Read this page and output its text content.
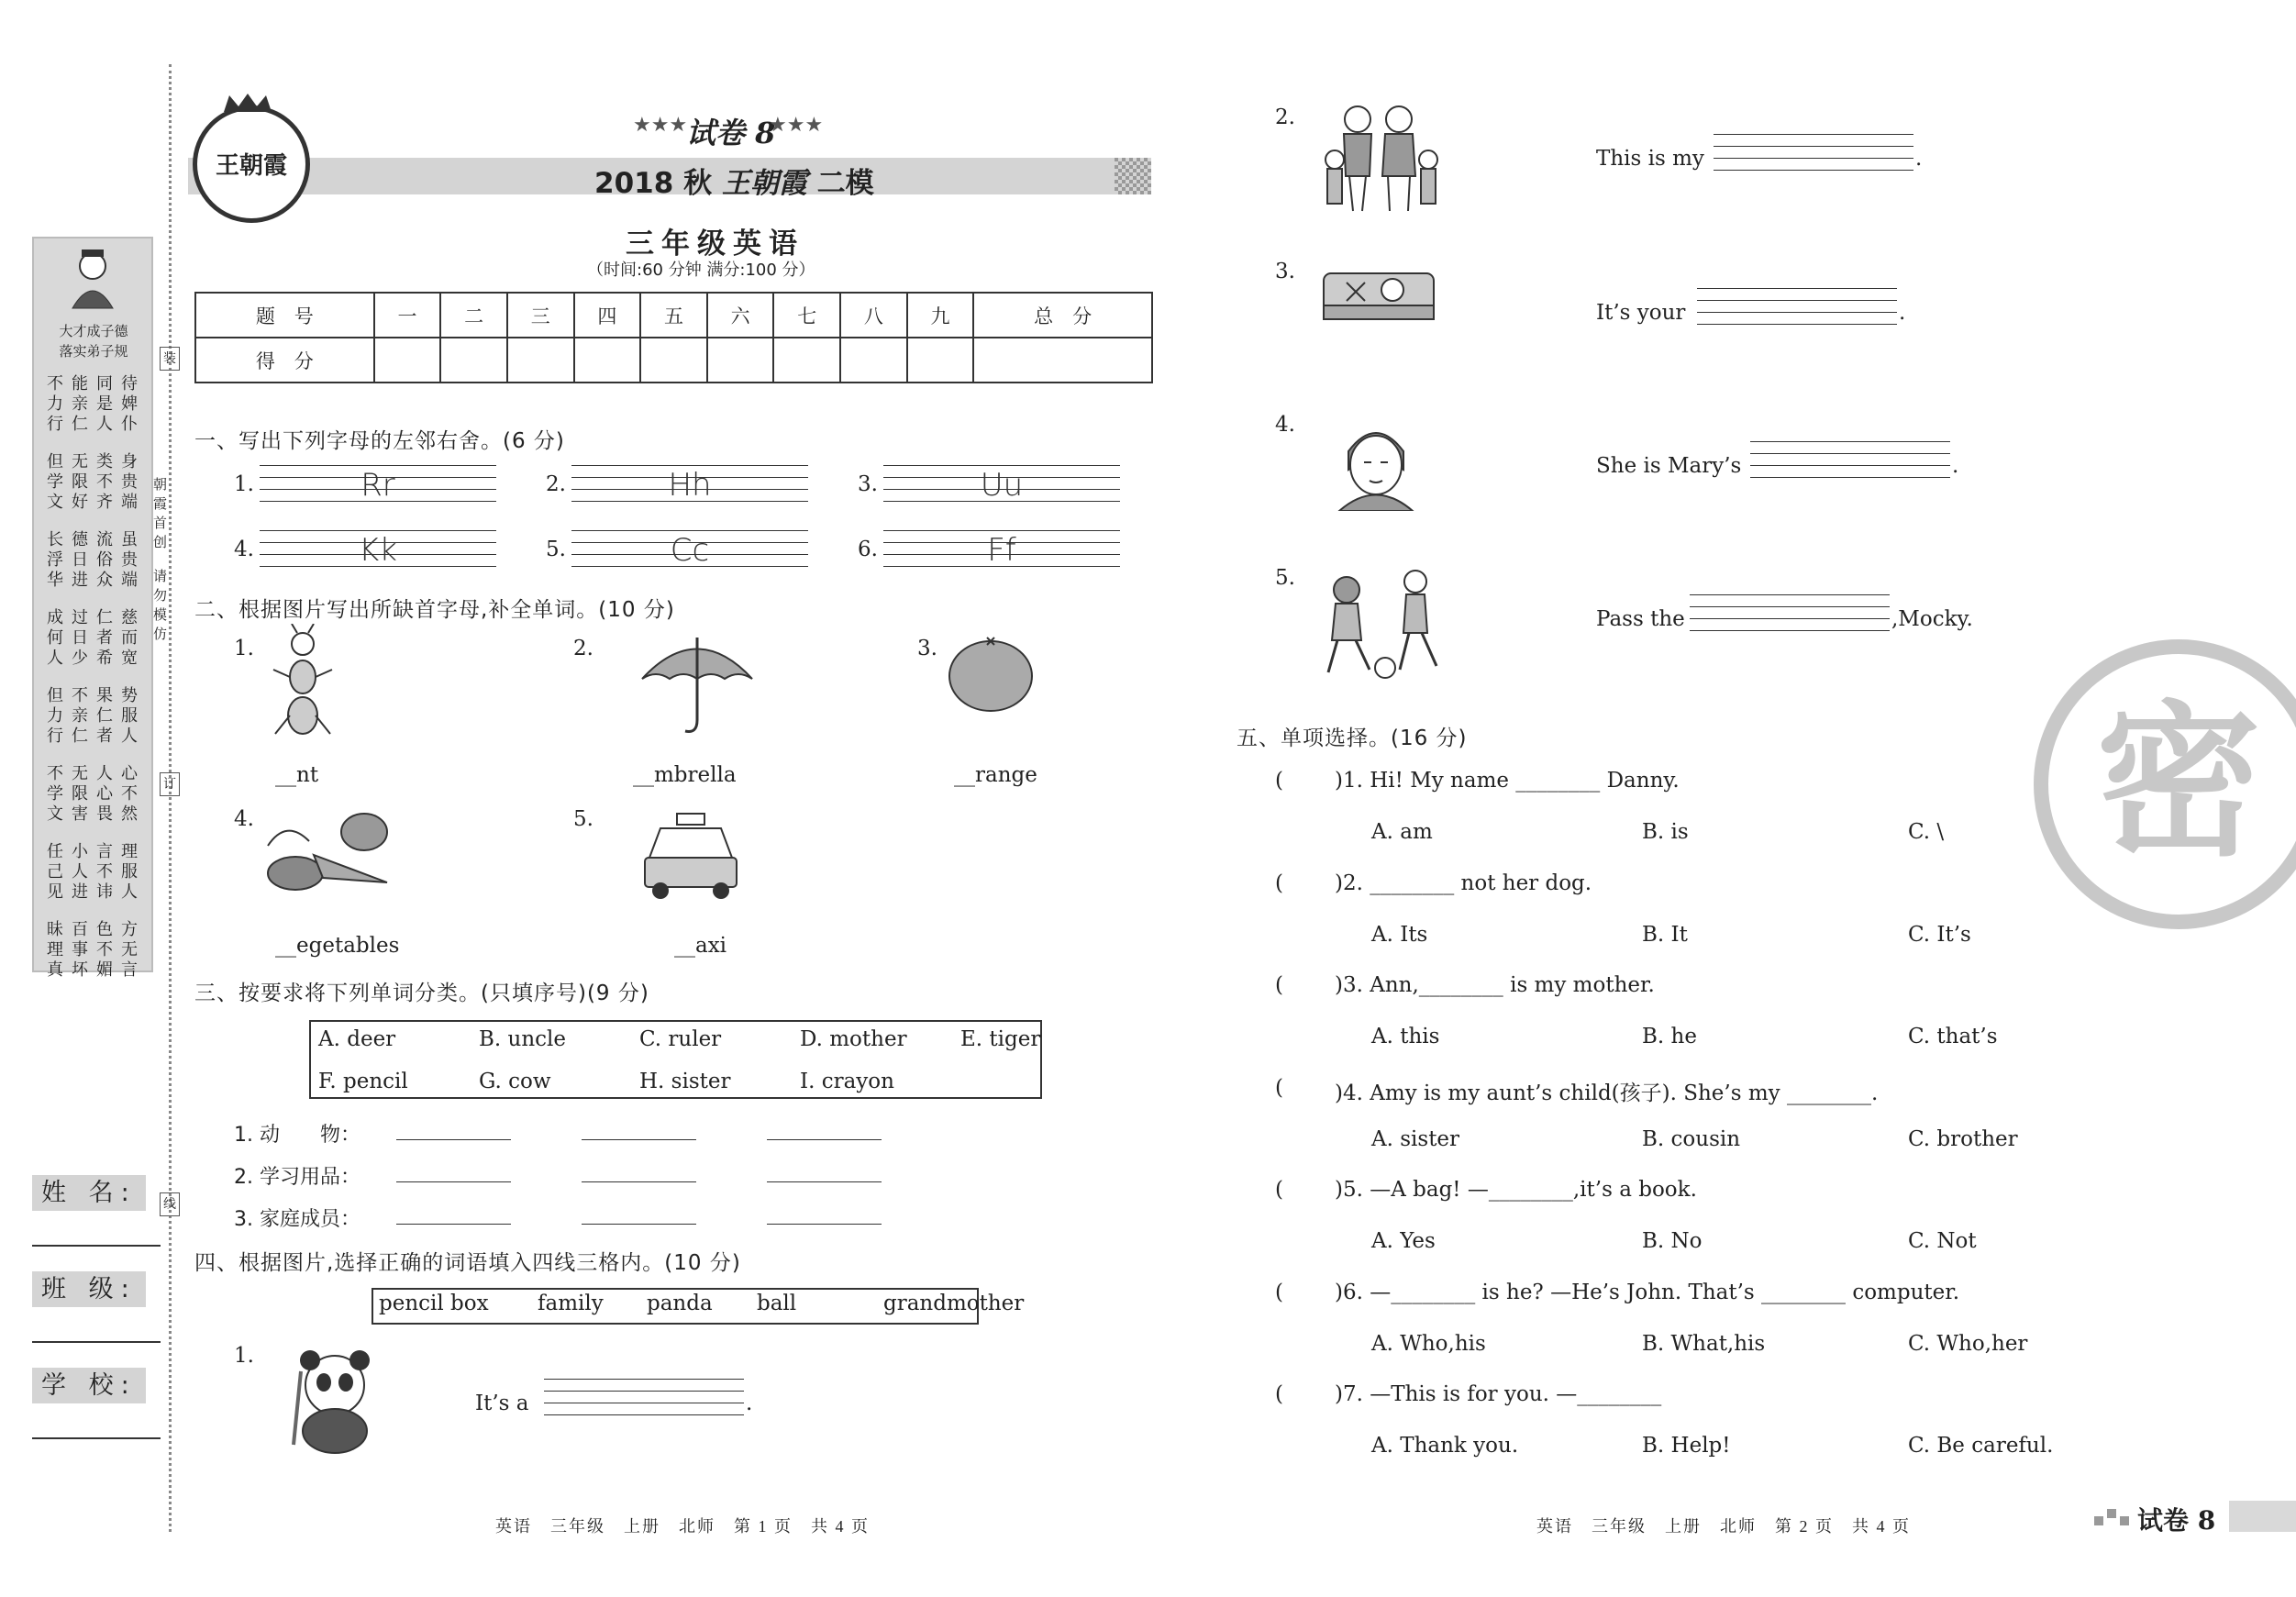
大才成子德
落实弟子规
不能同待
力亲是婢
行仁人仆
但无类身
学限不贵
文好齐端
长德流虽
浮日俗贵
华进众端
成过仁慈
何日者而
人少希宽
但不果势
力亲仁服
行仁者人
不无人心
学限心不
文害畏然
任小言理
己人不服
见进讳人
昧百色方
理事不无
真坏媚言
朝霞首创
请勿模仿
装
订
线
姓 名:
班 级:
学 校:
王朝霞
★★★
试卷 8
★★★
2018 秋 王朝霞 二模
三年级英语
（时间:60 分钟 满分:100 分）
题　号	一	二	三	四	五	六	七	八	九	总　分
得　分										
一、写出下列字母的左邻右舍。(6 分)
1.	Rr	2.	Hh	3.	Uu
4.	Kk	5.	Cc	6.	Ff
二、根据图片写出所缺首字母,补全单词。(10 分)
1.
__nt
2.
__mbrella
3.
__range
4.
__egetables
5.
__axi
三、按要求将下列单词分类。(只填序号)(9 分)
A. deer	B. uncle	C. ruler	D. mother	E. tiger
F. pencil	G. cow	H. sister	I. crayon
1. 动　　物：
2. 学习用品：
3. 家庭成员：
四、根据图片,选择正确的词语填入四线三格内。(10 分)
pencil box family panda ball	grandmother
1.
It’s a	.
2.
This is my	.
3.
It’s your	.
4.
She is Mary’s	.
5.
Pass the	,Mocky.
五、单项选择。(16 分)
( )1. Hi! My name ________ Danny.
A. am	B. is	C. \
( )2. ________ not her dog.
A. Its	B. It	C. It’s
( )3. Ann,________ is my mother.
A. this	B. he	C. that’s
( )4. Amy is my aunt’s child(孩子). She’s my ________.
A. sister	B. cousin	C. brother
( )5. —A bag! —________,it’s a book.
A. Yes	B. No	C. Not
( )6. —________ is he? —He’s John. That’s ________ computer.
A. Who,his	B. What,his	C. Who,her
( )7. —This is for you. —________
A. Thank you.	B. Help!	C. Be careful.
密
英语　三年级　上册　北师　第 1 页　共 4 页	英语　三年级　上册　北师　第 2 页　共 4 页	试卷 8
